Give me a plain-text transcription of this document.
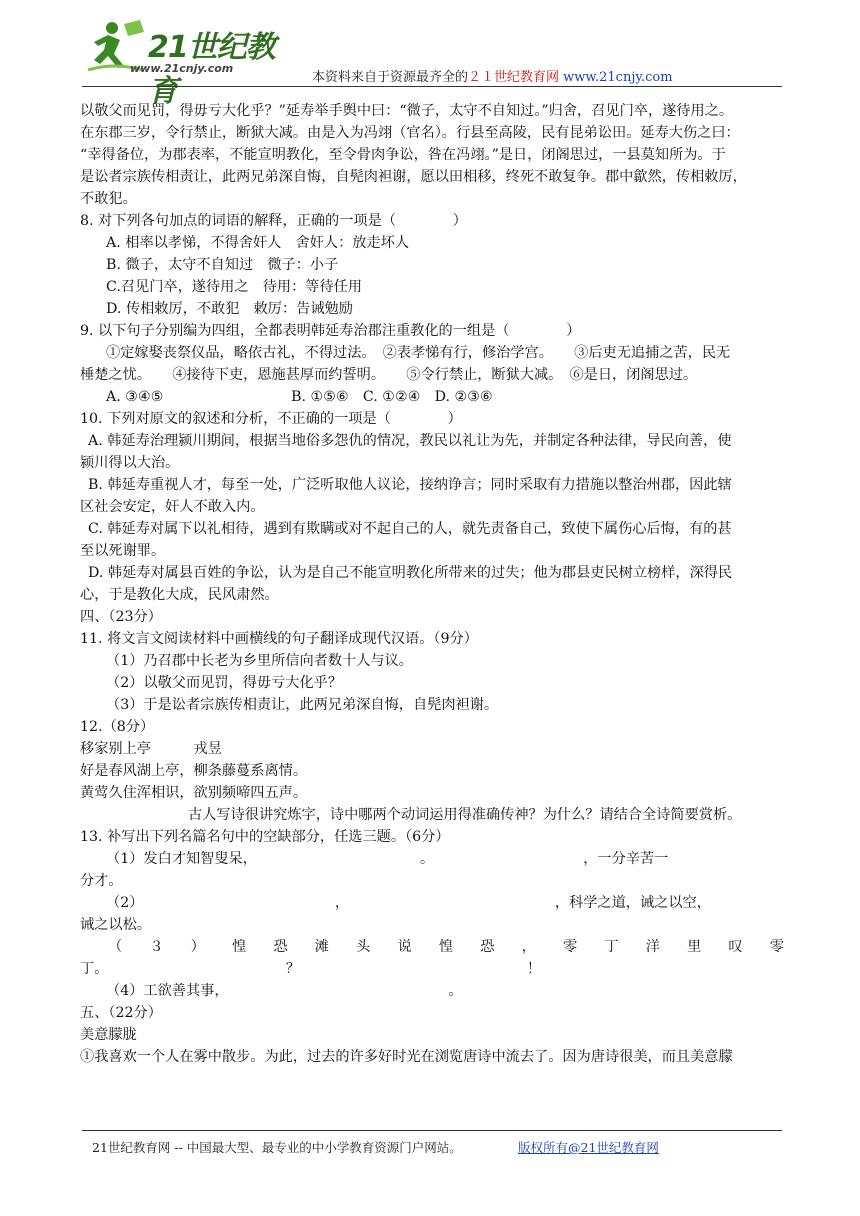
21世纪教育
www.21cnjy.com
本资料来自于资源最齐全的２１世纪教育网 www.21cnjy.com

以敬父而见罚，得毋亏大化乎？”延寿举手舆中曰：“微子，太守不自知过。”归舍，召见门卒，遂待用之。

在东郡三岁，令行禁止，断狱大减。由是入为冯翊（官名）。行县至高陵，民有昆弟讼田。延寿大伤之曰：

“幸得备位，为郡表率，不能宣明教化，至令骨肉争讼，咎在冯翊。”是日，闭阁思过，一县莫知所为。于

是讼者宗族传相责让，此两兄弟深自悔，自髡肉袒谢，愿以田相移，终死不敢复争。郡中歙然，传相敕厉，

不敢犯。

8. 对下列各句加点的词语的解释，正确的一项是（　　　　）

A. 相率以孝悌，不得舍奸人　舍奸人：放走坏人

B. 微子，太守不自知过　微子：小子

C.召见门卒，遂待用之　待用：等待任用

D. 传相敕厉，不敢犯　敕厉：告诫勉励

9. 以下句子分别编为四组，全都表明韩延寿治郡注重教化的一组是（　　　　）

①定嫁娶丧祭仪品，略依古礼，不得过法。　②表孝悌有行，修治学宫。　　③后吏无追捕之苦，民无

棰楚之忧。　　④接待下吏，恩施甚厚而约誓明。　　⑤令行禁止，断狱大减。　⑥是日，闭阁思过。

A. ③④⑤　　　　　　　　　B. ①⑤⑥　C. ①②④　D. ②③⑥

10. 下列对原文的叙述和分析，不正确的一项是（　　　　）

A. 韩延寿治理颍川期间，根据当地俗多怨仇的情况，教民以礼让为先，并制定各种法律，导民向善，使

颍川得以大治。

B. 韩延寿重视人才，每至一处，广泛听取他人议论，接纳诤言；同时采取有力措施以整治州郡，因此辖

区社会安定，奸人不敢入内。

C. 韩延寿对属下以礼相待，遇到有欺瞒或对不起自己的人，就先责备自己，致使下属伤心后悔，有的甚

至以死谢罪。

D. 韩延寿对属县百姓的争讼，认为是自己不能宣明教化所带来的过失；他为郡县吏民树立榜样，深得民

心，于是教化大成，民风肃然。

四、（23分）

11. 将文言文阅读材料中画横线的句子翻译成现代汉语。（9分）

（1）乃召郡中长老为乡里所信向者数十人与议。

（2）以敬父而见罚，得毋亏大化乎？

（3）于是讼者宗族传相责让，此两兄弟深自悔，自髡肉袒谢。

12.（8分）

移家别上亭　　　戎昱

好是春风湖上亭，柳条藤蔓系离情。

黄莺久住浑相识，欲别频啼四五声。

古人写诗很讲究炼字，诗中哪两个动词运用得准确传神？为什么？请结合全诗简要赏析。

13. 补写出下列名篇名句中的空缺部分，任选三题。（6分）

（1）发白才知智叟呆，　　　　　　　　　　　　。　　　　　　　　　　　，一分辛苦一

分才。

（2）　　　　　　　　　　　　　　，　　　　　　　　　　　　　　　，科学之道，诫之以空，

诫之以松。

（３）惶恐滩头说惶恐，零丁洋里叹零

丁。　　　　　　　　　　　　　？　　　　　　　　　　　　　　　　！

（4）工欲善其事，　　　　　　　　　　　　　　　　。

五、（22分）

美意朦胧

①我喜欢一个人在雾中散步。为此，过去的许多好时光在浏览唐诗中流去了。因为唐诗很美，而且美意朦

21世纪教育网 -- 中国最大型、最专业的中小学教育资源门户网站。	版权所有@21世纪教育网
